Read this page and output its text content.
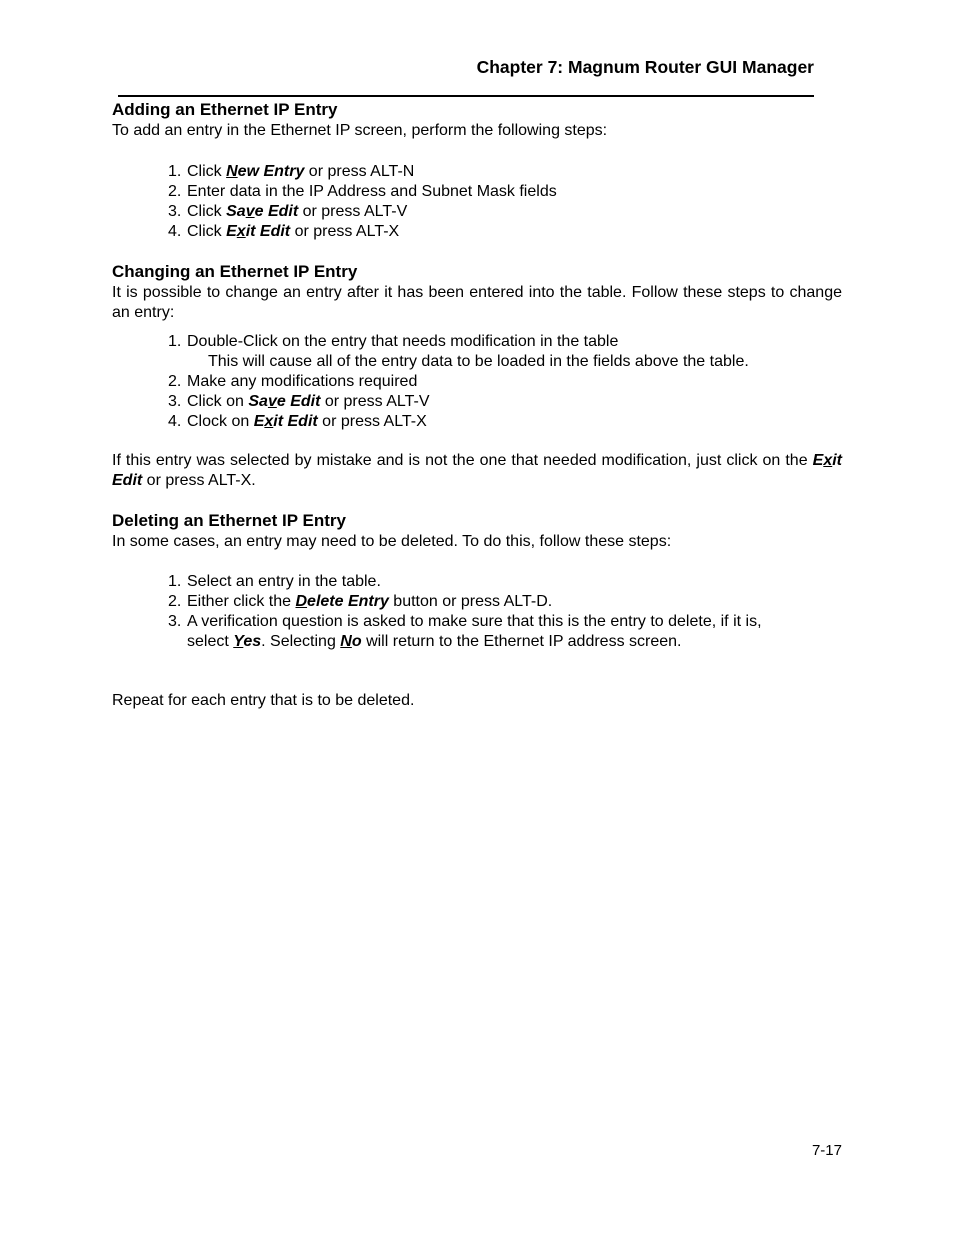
Chapter 7: Magnum Router GUI Manager
Adding an Ethernet IP Entry

To add an entry in the Ethernet IP screen, perform the following steps:

1. Click New Entry or press ALT-N
2. Enter data in the IP Address and Subnet Mask fields
3. Click Save Edit or press ALT-V
4. Click Exit Edit or press ALT-X
Changing an Ethernet IP Entry

It is possible to change an entry after it has been entered into the table. Follow these steps to change an entry:

1. Double-Click on the entry that needs modification in the table
This will cause all of the entry data to be loaded in the fields above the table.
2. Make any modifications required
3. Click on Save Edit or press ALT-V
4. Clock on Exit Edit or press ALT-X

If this entry was selected by mistake and is not the one that needed modification, just click on the Exit Edit or press ALT-X.

Deleting an Ethernet IP Entry

In some cases, an entry may need to be deleted. To do this, follow these steps:

1. Select an entry in the table.
2. Either click the Delete Entry button or press ALT-D.
3. A verification question is asked to make sure that this is the entry to delete, if it is, select Yes. Selecting No will return to the Ethernet IP address screen.

Repeat for each entry that is to be deleted.

7-17
